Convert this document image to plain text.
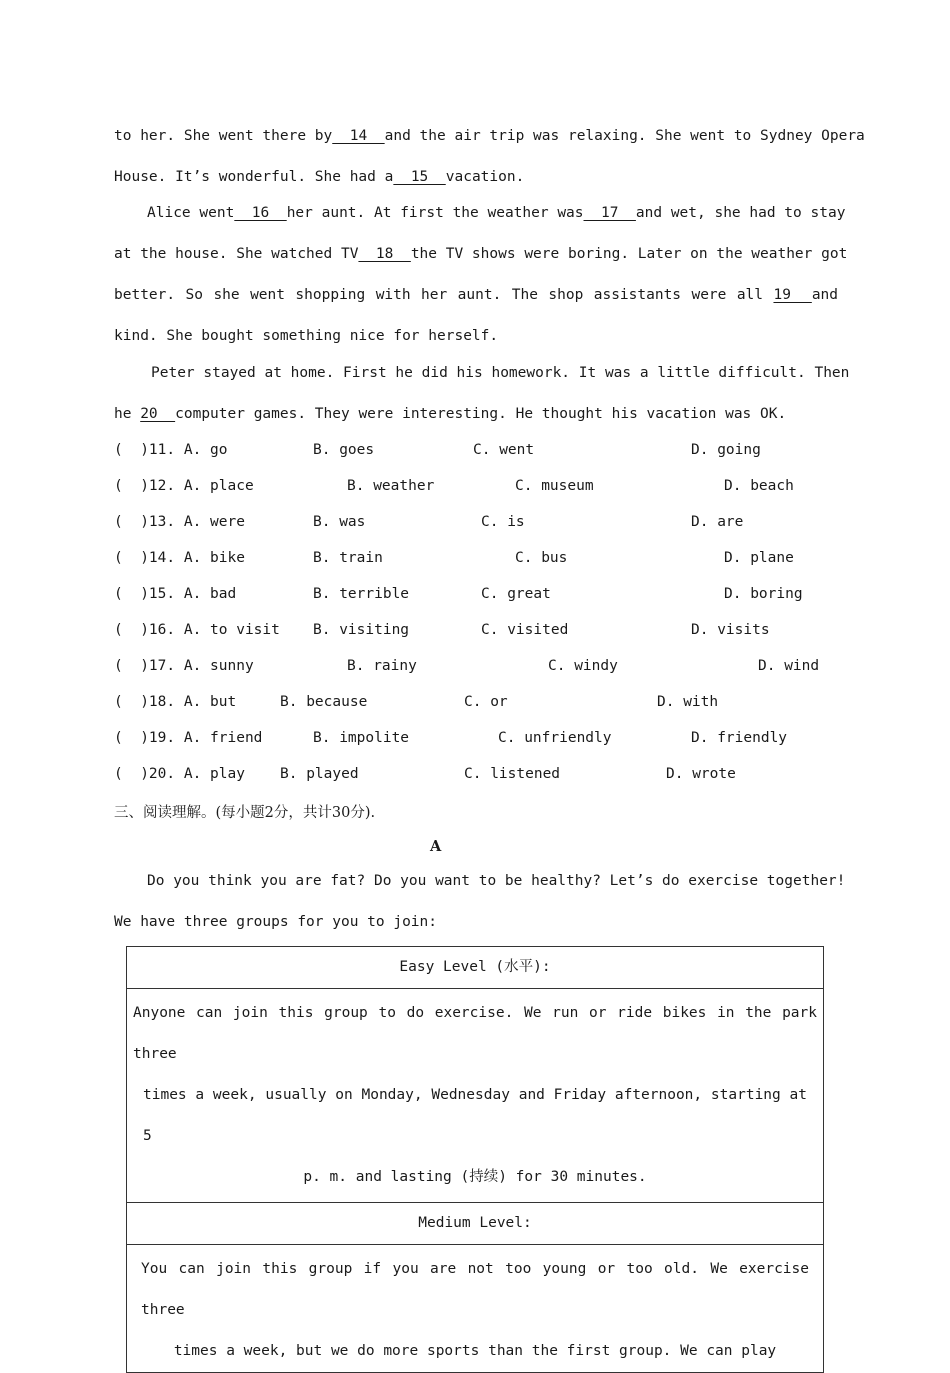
to her. She went there by  14  and the air trip was relaxing. She went to Sydney Opera
House. It’s wonderful. She had a  15  vacation.
Alice went  16  her aunt. At first the weather was  17  and wet, she had to stay
at the house. She watched TV  18  the TV shows were boring. Later on the weather got
better. So she went shopping with her aunt. The shop assistants were all 19  and
kind. She bought something nice for herself.
Peter stayed at home. First he did his homework. It was a little difficult. Then
he 20  computer games. They were interesting. He thought his vacation was OK.
(  )11. A. go	B. goes	C. went	D. going
(  )12. A. place	B. weather	C. museum	D. beach
(  )13. A. were	B. was	C. is	D. are
(  )14. A. bike	B. train	C. bus	D. plane
(  )15. A. bad	B. terrible	C. great	D. boring
(  )16. A. to visit B. visiting	C. visited	D. visits
(  )17. A. sunny	B. rainy	C. windy	D. wind
(  )18. A. but	B. because	C. or	D. with
(  )19. A. friend	B. impolite	C. unfriendly	D. friendly
(  )20. A. play B. played	C. listened	D. wrote
三、阅读理解。(每小题2分，共计30分).
A
Do you think you are fat? Do you want to be healthy? Let’s do exercise together!
We have three groups for you to join:
Easy Level (水平):

Anyone can join this group to do exercise. We run or ride bikes in the park three
times a week, usually on Monday, Wednesday and Friday afternoon, starting at 5
p. m. and lasting (持续) for 30 minutes.

Medium Level:

You can join this group if you are not too young or too old. We exercise three
times a week, but we do more sports than the first group. We can play
